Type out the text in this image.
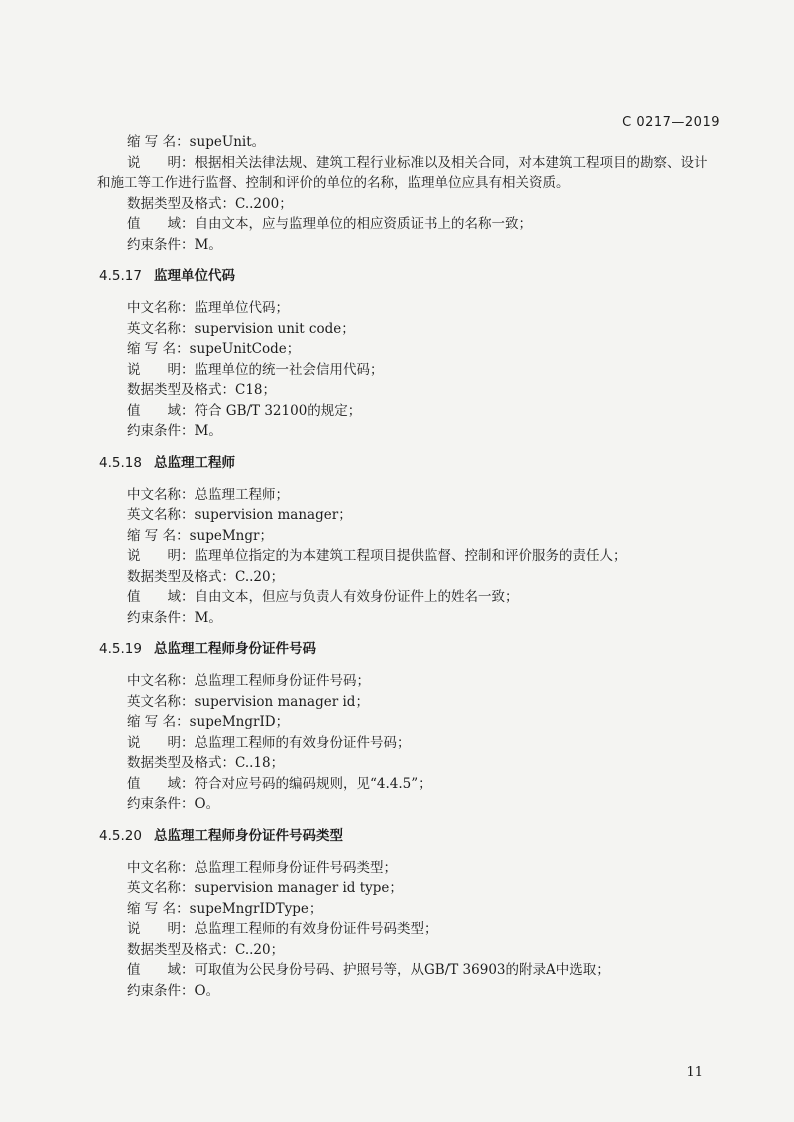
C 0217—2019
缩 写 名：supeUnit。
说　　明：根据相关法律法规、建筑工程行业标准以及相关合同，对本建筑工程项目的勘察、设计
和施工等工作进行监督、控制和评价的单位的名称，监理单位应具有相关资质。
数据类型及格式：C..200；
值　　域：自由文本，应与监理单位的相应资质证书上的名称一致；
约束条件：M。
4.5.17 监理单位代码
中文名称：监理单位代码；
英文名称：supervision unit code；
缩 写 名：supeUnitCode；
说　　明：监理单位的统一社会信用代码；
数据类型及格式：C18；
值　　域：符合 GB/T 32100的规定；
约束条件：M。
4.5.18 总监理工程师
中文名称：总监理工程师；
英文名称：supervision manager；
缩 写 名：supeMngr；
说　　明：监理单位指定的为本建筑工程项目提供监督、控制和评价服务的责任人；
数据类型及格式：C..20；
值　　域：自由文本，但应与负责人有效身份证件上的姓名一致；
约束条件：M。
4.5.19 总监理工程师身份证件号码
中文名称：总监理工程师身份证件号码；
英文名称：supervision manager id；
缩 写 名：supeMngrID；
说　　明：总监理工程师的有效身份证件号码；
数据类型及格式：C..18；
值　　域：符合对应号码的编码规则，见“4.4.5”；
约束条件：O。
4.5.20 总监理工程师身份证件号码类型
中文名称：总监理工程师身份证件号码类型；
英文名称：supervision manager id type；
缩 写 名：supeMngrIDType；
说　　明：总监理工程师的有效身份证件号码类型；
数据类型及格式：C..20；
值　　域：可取值为公民身份号码、护照号等，从GB/T 36903的附录A中选取；
约束条件：O。
11
